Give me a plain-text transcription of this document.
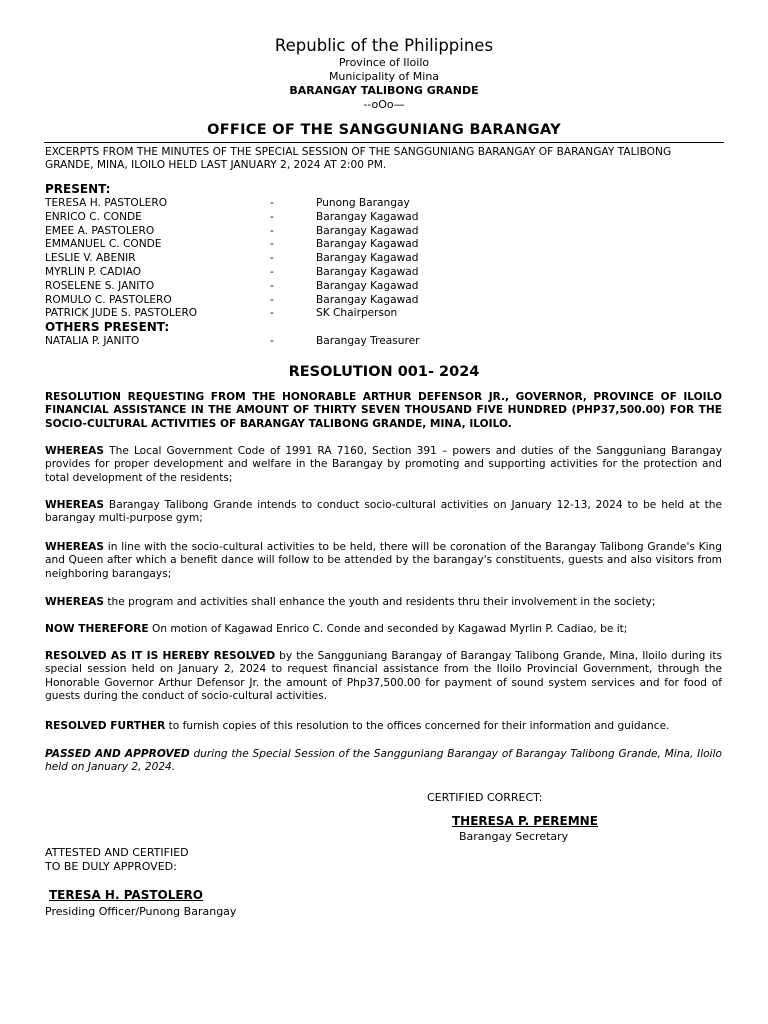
Republic of the Philippines
Province of Iloilo
Municipality of Mina
BARANGAY TALIBONG GRANDE
--oOo—
OFFICE OF THE SANGGUNIANG BARANGAY
EXCERPTS FROM THE MINUTES OF THE SPECIAL SESSION OF THE SANGGUNIANG BARANGAY OF BARANGAY TALIBONG GRANDE, MINA, ILOILO HELD LAST JANUARY 2, 2024 AT 2:00 PM.
PRESENT:
TERESA H. PASTOLERO	-	Punong Barangay
ENRICO C. CONDE	-	Barangay Kagawad
EMEE A. PASTOLERO	-	Barangay Kagawad
EMMANUEL C. CONDE	-	Barangay Kagawad
LESLIE V. ABENIR	-	Barangay Kagawad
MYRLIN P. CADIAO	-	Barangay Kagawad
ROSELENE S. JANITO	-	Barangay Kagawad
ROMULO C. PASTOLERO	-	Barangay Kagawad
PATRICK JUDE S. PASTOLERO	-	SK Chairperson
OTHERS PRESENT:
NATALIA P. JANITO	-	Barangay Treasurer
RESOLUTION 001- 2024
RESOLUTION REQUESTING FROM THE HONORABLE ARTHUR DEFENSOR JR., GOVERNOR, PROVINCE OF ILOILO FINANCIAL ASSISTANCE IN THE AMOUNT OF THIRTY SEVEN THOUSAND FIVE HUNDRED (PHP37,500.00) FOR THE SOCIO-CULTURAL ACTIVITIES OF BARANGAY TALIBONG GRANDE, MINA, ILOILO.
WHEREAS The Local Government Code of 1991 RA 7160, Section 391 – powers and duties of the Sangguniang Barangay provides for proper development and welfare in the Barangay by promoting and supporting activities for the protection and total development of the residents;
WHEREAS Barangay Talibong Grande intends to conduct socio-cultural activities on January 12-13, 2024 to be held at the barangay multi-purpose gym;
WHEREAS in line with the socio-cultural activities to be held, there will be coronation of the Barangay Talibong Grande's King and Queen after which a benefit dance will follow to be attended by the barangay's constituents, guests and also visitors from neighboring barangays;
WHEREAS the program and activities shall enhance the youth and residents thru their involvement in the society;
NOW THEREFORE On motion of Kagawad Enrico C. Conde and seconded by Kagawad Myrlin P. Cadiao, be it;
RESOLVED AS IT IS HEREBY RESOLVED by the Sangguniang Barangay of Barangay Talibong Grande, Mina, Iloilo during its special session held on January 2, 2024 to request financial assistance from the Iloilo Provincial Government, through the Honorable Governor Arthur Defensor Jr. the amount of Php37,500.00 for payment of sound system services and for food of guests during the conduct of socio-cultural activities.
RESOLVED FURTHER to furnish copies of this resolution to the offices concerned for their information and guidance.
PASSED AND APPROVED during the Special Session of the Sangguniang Barangay of Barangay Talibong Grande, Mina, Iloilo held on January 2, 2024.
CERTIFIED CORRECT:
THERESA P. PEREMNE
Barangay Secretary
ATTESTED AND CERTIFIED
TO BE DULY APPROVED:
TERESA H. PASTOLERO
Presiding Officer/Punong Barangay
